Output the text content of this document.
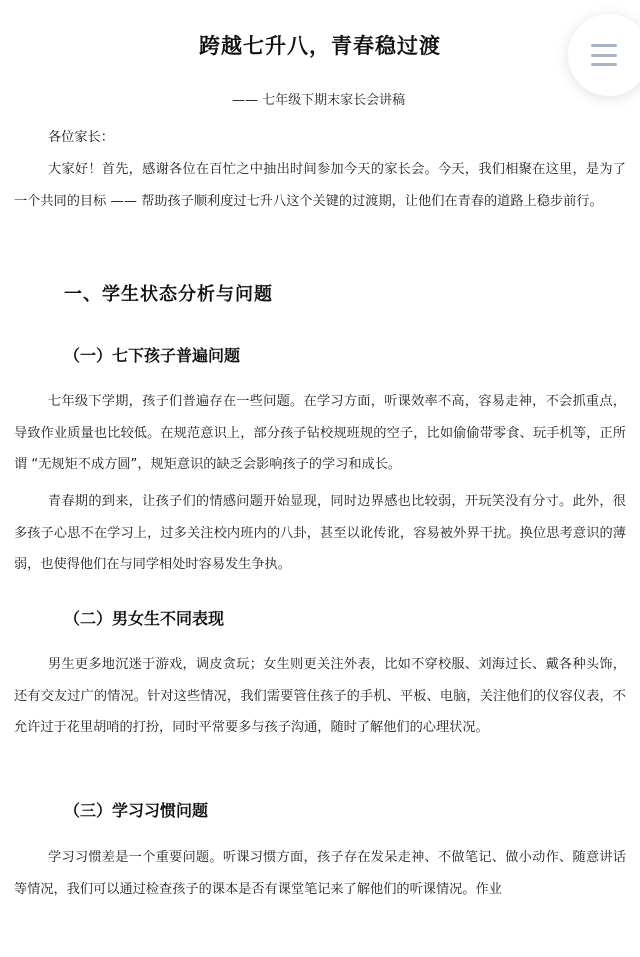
跨越七升八，青春稳过渡
—— 七年级下期末家长会讲稿
各位家长：
大家好！首先，感谢各位在百忙之中抽出时间参加今天的家长会。今天，我们相聚在这里，是为了一个共同的目标 —— 帮助孩子顺利度过七升八这个关键的过渡期，让他们在青春的道路上稳步前行。
一、学生状态分析与问题
（一）七下孩子普遍问题
七年级下学期，孩子们普遍存在一些问题。在学习方面，听课效率不高，容易走神，不会抓重点，导致作业质量也比较低。在规范意识上，部分孩子钻校规班规的空子，比如偷偷带零食、玩手机等，正所谓 “无规矩不成方圆”，规矩意识的缺乏会影响孩子的学习和成长。
青春期的到来，让孩子们的情感问题开始显现，同时边界感也比较弱，开玩笑没有分寸。此外，很多孩子心思不在学习上，过多关注校内班内的八卦，甚至以讹传讹，容易被外界干扰。换位思考意识的薄弱，也使得他们在与同学相处时容易发生争执。
（二）男女生不同表现
男生更多地沉迷于游戏，调皮贪玩；女生则更关注外表，比如不穿校服、刘海过长、戴各种头饰，还有交友过广的情况。针对这些情况，我们需要管住孩子的手机、平板、电脑，关注他们的仪容仪表，不允许过于花里胡哨的打扮，同时平常要多与孩子沟通，随时了解他们的心理状况。
（三）学习习惯问题
学习习惯差是一个重要问题。听课习惯方面，孩子存在发呆走神、不做笔记、做小动作、随意讲话等情况，我们可以通过检查孩子的课本是否有课堂笔记来了解他们的听课情况。作业
